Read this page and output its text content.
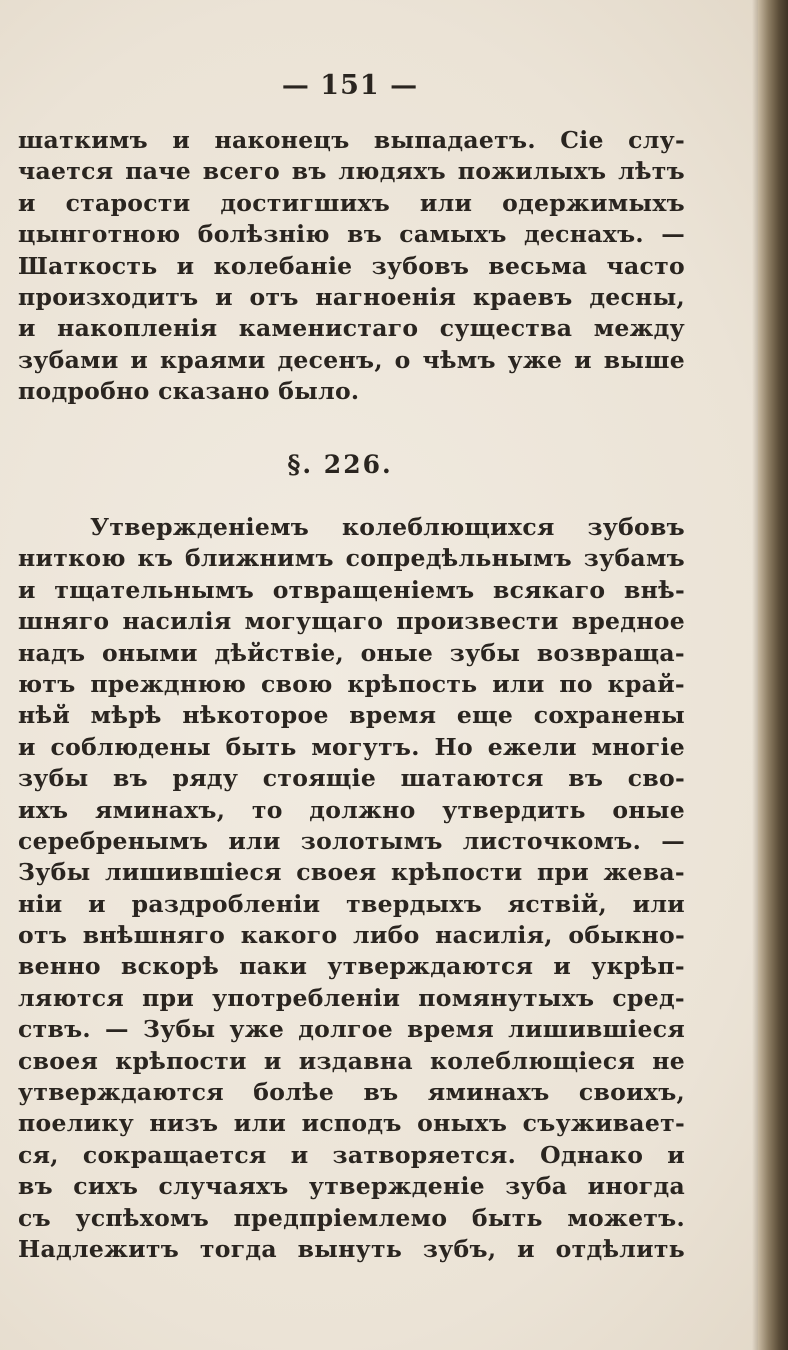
— 151 —
шаткимъ и наконецъ выпадаетъ. Сіе слу-
чается паче всего въ людяхъ пожилыхъ лѣтъ
и старости достигшихъ или одержимыхъ
цынготною болѣзнію въ самыхъ деснахъ. —
Шаткость и колебаніе зубовъ весьма часто
произходитъ и отъ нагноенія краевъ десны,
и накопленія каменистаго существа между
зубами и краями десенъ, о чѣмъ уже и выше
подробно сказано было.
§. 226.
Утвержденіемъ колеблющихся зубовъ
ниткою къ ближнимъ сопредѣльнымъ зубамъ
и тщательнымъ отвращеніемъ всякаго внѣ-
шняго насилія могущаго произвести вредное
надъ оными дѣйствіе, оные зубы возвраща-
ютъ прежднюю свою крѣпость или по край-
нѣй мѣрѣ нѣкоторое время еще сохранены
и соблюдены быть могутъ. Но ежели многіе
зубы въ ряду стоящіе шатаются въ сво-
ихъ яминахъ, то должно утвердить оные
серебренымъ или золотымъ листочкомъ. —
Зубы лишившіеся своея крѣпости при жева-
ніи и раздробленіи твердыхъ яствій, или
отъ внѣшняго какого либо насилія, обыкно-
венно вскорѣ паки утверждаются и укрѣп-
ляются при употребленіи помянутыхъ сред-
ствъ. — Зубы уже долгое время лишившіеся
своея крѣпости и издавна колеблющіеся не
утверждаются болѣе въ яминахъ своихъ,
поелику низъ или исподъ оныхъ съуживает-
ся, сокращается и затворяется. Однако и
въ сихъ случаяхъ утвержденіе зуба иногда
съ успѣхомъ предпріемлемо быть можетъ.
Надлежитъ тогда вынуть зубъ, и отдѣлить
